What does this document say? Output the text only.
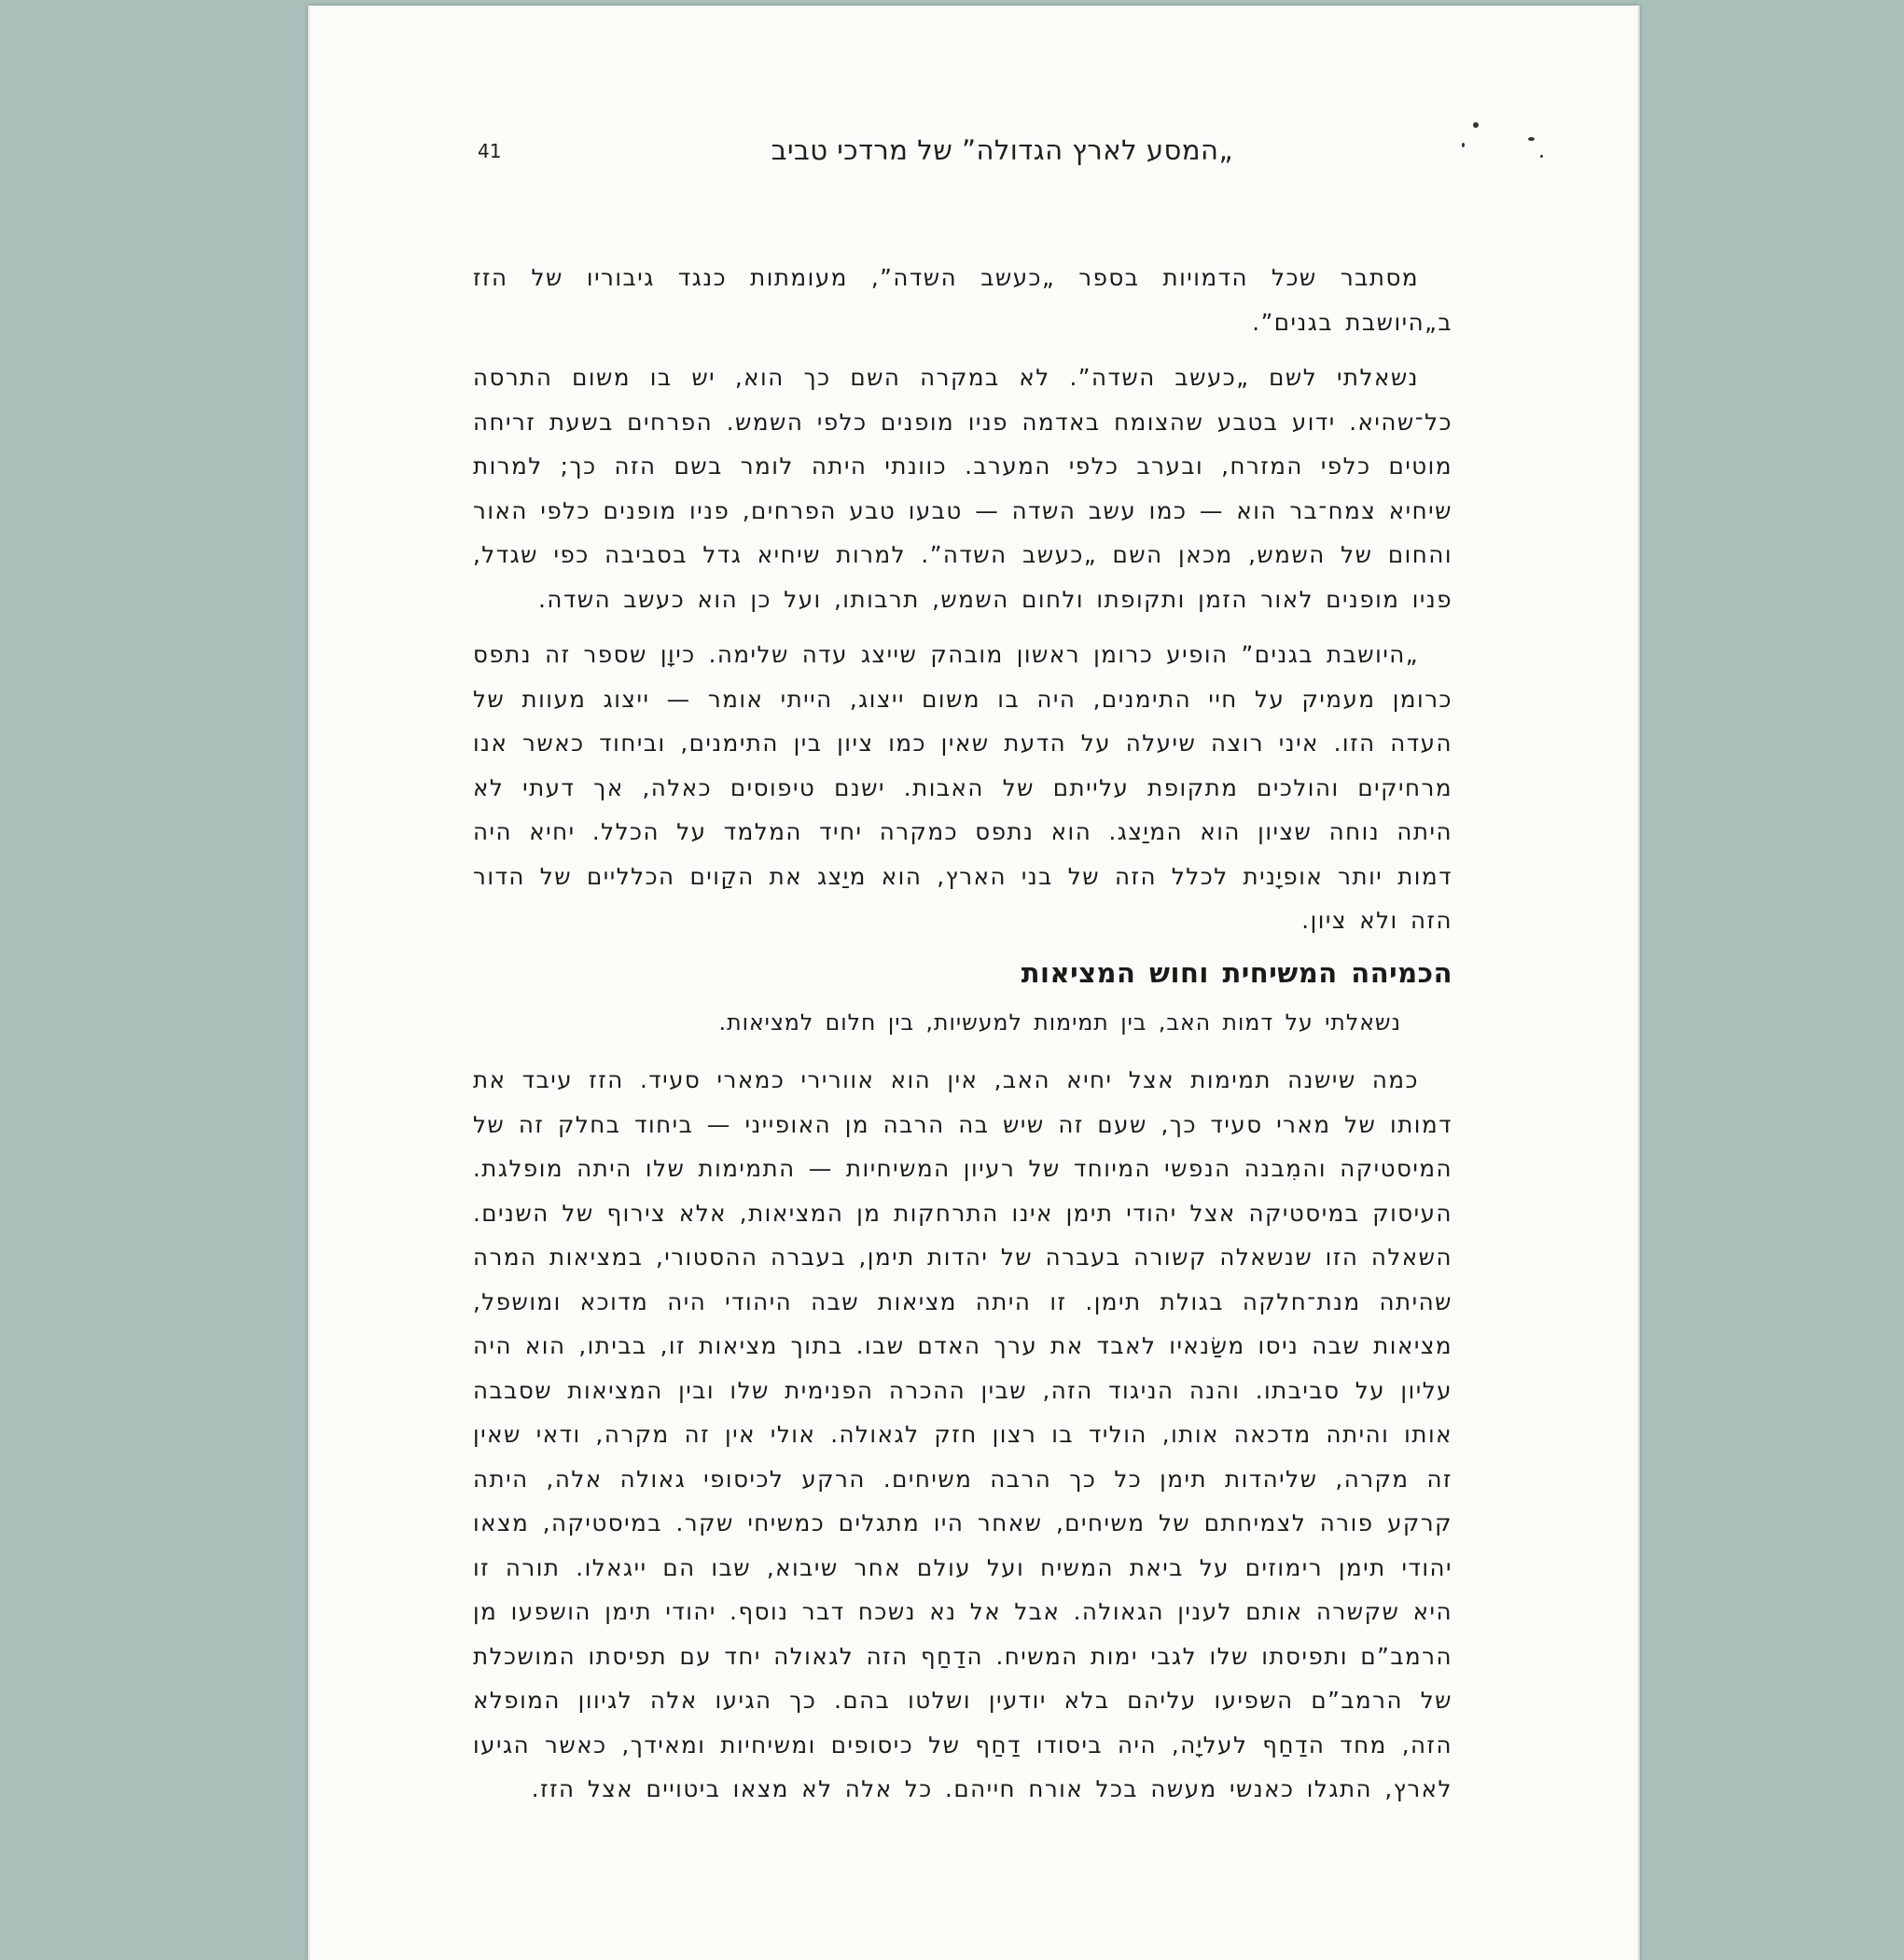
41	„המסע לארץ הגדולה” של מרדכי טביב

מסתבר שכל הדמויות בספר „כעשב השדה”, מעומתות כנגד גיבוריו של הזז ב„היושבת בגנים”.

נשאלתי לשם „כעשב השדה”. לא במקרה השם כך הוא, יש בו משום התרסה כל־שהיא. ידוע בטבע שהצומח באדמה פניו מופנים כלפי השמש. הפרחים בשעת זריחה מוטים כלפי המזרח, ובערב כלפי המערב. כוונתי היתה לומר בשם הזה כך; למרות שיחיא צמח־בר הוא — כמו עשב השדה — טבעו טבע הפרחים, פניו מופנים כלפי האור והחום של השמש, מכאן השם „כעשב השדה”. למרות שיחיא גדל בסביבה כפי שגדל, פניו מופנים לאור הזמן ותקופתו ולחום השמש, תרבותו, ועל כן הוא כעשב השדה.

„היושבת בגנים” הופיע כרומן ראשון מובהק שייצג עדה שלימה. כיוָן שספר זה נתפס כרומן מעמיק על חיי התימנים, היה בו משום ייצוג, הייתי אומר — ייצוג מעוות של העדה הזו. איני רוצה שיעלה על הדעת שאין כמו ציון בין התימנים, וביחוד כאשר אנו מרחיקים והולכים מתקופת עלייתם של האבות. ישנם טיפוסים כאלה, אך דעתי לא היתה נוחה שציון הוא המיַצג. הוא נתפס כמקרה יחיד המלמד על הכלל. יחיא היה דמות יותר אופיָנית לכלל הזה של בני הארץ, הוא מיַצג את הקַוים הכלליים של הדור הזה ולא ציון.

הכמיהה המשיחית וחוש המציאות

נשאלתי על דמות האב, בין תמימות למעשיות, בין חלום למציאות.

כמה שישנה תמימות אצל יחיא האב, אין הוא אוורירי כמארי סעיד. הזז עיבד את דמותו של מארי סעיד כך, שעם זה שיש בה הרבה מן האופייני — ביחוד בחלק זה של המיסטיקה והמִבנה הנפשי המיוחד של רעיון המשיחיות — התמימות שלו היתה מופלגת. העיסוק במיסטיקה אצל יהודי תימן אינו התרחקות מן המציאות, אלא צירוף של השנים. השאלה הזו שנשאלה קשורה בעברה של יהדות תימן, בעברה ההסטורי, במציאות המרה שהיתה מנת־חלקה בגולת תימן. זו היתה מציאות שבה היהודי היה מדוכא ומושפל, מציאות שבה ניסו משַׂנאיו לאבד את ערך האדם שבו. בתוך מציאות זו, בביתו, הוא היה עליון על סביבתו. והנה הניגוד הזה, שבין ההכרה הפנימית שלו ובין המציאות שסבבה אותו והיתה מדכאה אותו, הוליד בו רצון חזק לגאולה. אולי אין זה מקרה, ודאי שאין זה מקרה, שליהדות תימן כל כך הרבה משיחים. הרקע לכיסופי גאולה אלה, היתה קרקע פורה לצמיחתם של משיחים, שאחר היו מתגלים כמשיחי שקר. במיסטיקה, מצאו יהודי תימן רימוזים על ביאת המשיח ועל עולם אחר שיבוא, שבו הם ייגאלו. תורה זו היא שקשרה אותם לענין הגאולה. אבל אל נא נשכח דבר נוסף. יהודי תימן הושפעו מן הרמב”ם ותפיסתו שלו לגבי ימות המשיח. הדַחַף הזה לגאולה יחד עם תפיסתו המושכלת של הרמב”ם השפיעו עליהם בלא יודעין ושלטו בהם. כך הגיעו אלה לגיוון המופלא הזה, מחד הדַחַף לעליָה, היה ביסודו דַחַף של כיסופים ומשיחיות ומאידך, כאשר הגיעו לארץ, התגלו כאנשי מעשה בכל אורח חייהם. כל אלה לא מצאו ביטויים אצל הזז.
